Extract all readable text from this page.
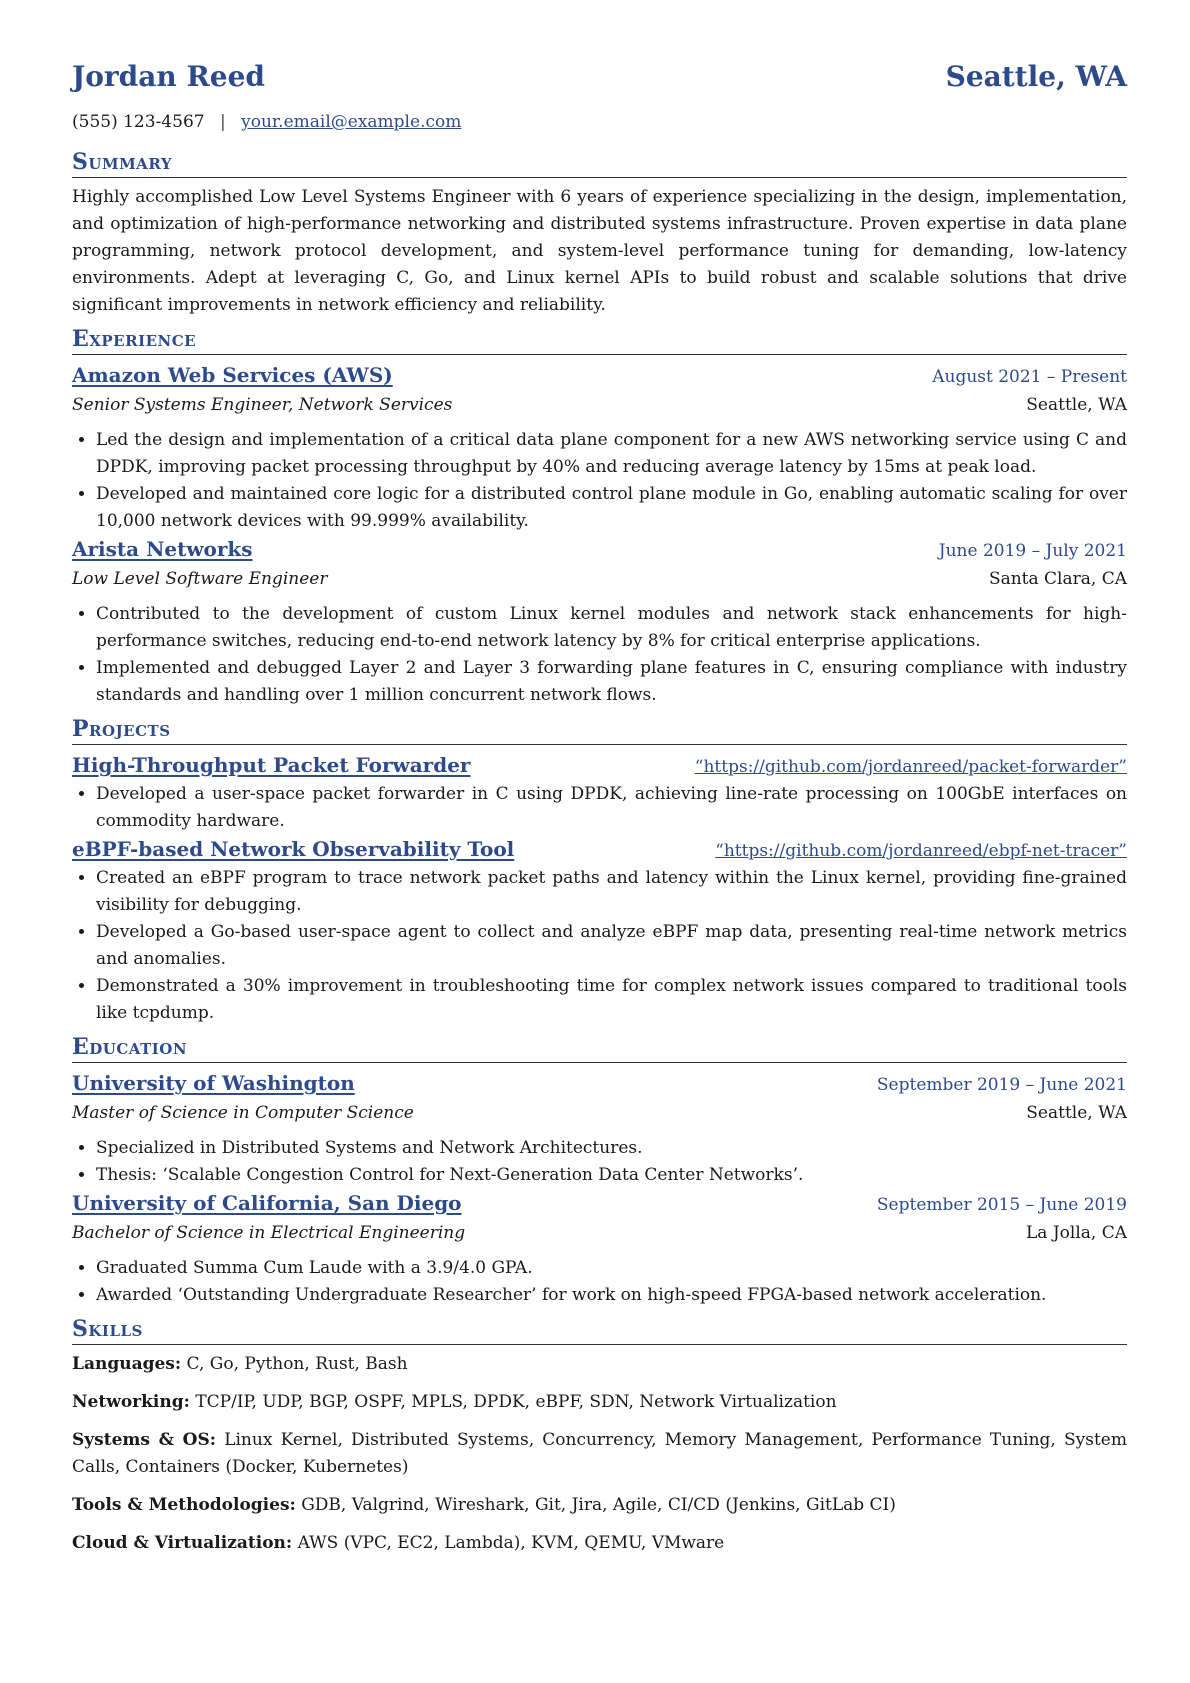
Jordan Reed	Seattle, WA
(555) 123-4567 | your.email@example.com
Summary

Highly accomplished Low Level Systems Engineer with 6 years of experience specializing in the design, implementation, and optimization of high-performance networking and distributed systems infrastructure. Proven expertise in data plane programming, network protocol development, and system-level performance tuning for demanding, low-latency environments. Adept at leveraging C, Go, and Linux kernel APIs to build robust and scalable solutions that drive significant improvements in network efficiency and reliability.

Experience
Amazon Web Services (AWS)	August 2021 – Present
Senior Systems Engineer, Network Services	Seattle, WA
• Led the design and implementation of a critical data plane component for a new AWS networking service using C and DPDK, improving packet processing throughput by 40% and reducing average latency by 15ms at peak load.
• Developed and maintained core logic for a distributed control plane module in Go, enabling automatic scaling for over 10,000 network devices with 99.999% availability.
Arista Networks	June 2019 – July 2021
Low Level Software Engineer	Santa Clara, CA
• Contributed to the development of custom Linux kernel modules and network stack enhancements for high-performance switches, reducing end-to-end network latency by 8% for critical enterprise applications.
• Implemented and debugged Layer 2 and Layer 3 forwarding plane features in C, ensuring compliance with industry standards and handling over 1 million concurrent network flows.
Projects
High-Throughput Packet Forwarder	“https://github.com/jordanreed/packet-forwarder”
• Developed a user-space packet forwarder in C using DPDK, achieving line-rate processing on 100GbE interfaces on commodity hardware.
eBPF-based Network Observability Tool	“https://github.com/jordanreed/ebpf-net-tracer”
• Created an eBPF program to trace network packet paths and latency within the Linux kernel, providing fine-grained visibility for debugging.
• Developed a Go-based user-space agent to collect and analyze eBPF map data, presenting real-time network metrics and anomalies.
• Demonstrated a 30% improvement in troubleshooting time for complex network issues compared to traditional tools like tcpdump.
Education
University of Washington	September 2019 – June 2021
Master of Science in Computer Science	Seattle, WA
• Specialized in Distributed Systems and Network Architectures.
• Thesis: ‘Scalable Congestion Control for Next-Generation Data Center Networks’.
University of California, San Diego	September 2015 – June 2019
Bachelor of Science in Electrical Engineering	La Jolla, CA
• Graduated Summa Cum Laude with a 3.9/4.0 GPA.
• Awarded ‘Outstanding Undergraduate Researcher’ for work on high-speed FPGA-based network acceleration.
Skills

Languages: C, Go, Python, Rust, Bash

Networking: TCP/IP, UDP, BGP, OSPF, MPLS, DPDK, eBPF, SDN, Network Virtualization

Systems & OS: Linux Kernel, Distributed Systems, Concurrency, Memory Management, Performance Tuning, System Calls, Containers (Docker, Kubernetes)

Tools & Methodologies: GDB, Valgrind, Wireshark, Git, Jira, Agile, CI/CD (Jenkins, GitLab CI)

Cloud & Virtualization: AWS (VPC, EC2, Lambda), KVM, QEMU, VMware
